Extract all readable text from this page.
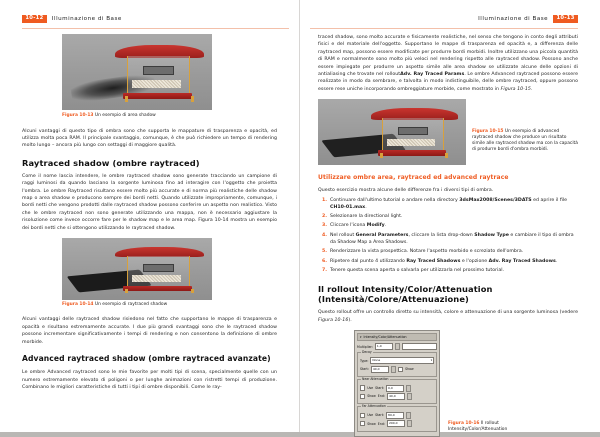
10-12	Illuminazione di Base
Figura 10-13 Un esempio di area shadow

Alcuni vantaggi di questo tipo di ombra sono che supporta le mappature di trasparenza e opacità, ed utilizza molta poca RAM. Il principale svantaggio, comunque, è che può richiedere un tempo di rendering molto lungo – ancora più lungo con settaggi di maggiore qualità.

Raytraced shadow (ombre raytraced)

Come il nome lascia intendere, le ombre raytraced shadow sono generate tracciando un campione di raggi luminosi da quando lasciano la sorgente luminosa fino ad interagire con l'oggetto che proietta l'ombra. Le ombre Raytraced risultano essere molto più accurate e di norma più realistiche delle shadow map o area shadow e producono sempre dei bordi netti. Quando utilizzate impropriamente, comunque, i bordi netti che vengono prodotti dalle raytraced shadow possono conferire un aspetto non realistico. Visto che le ombre raytraced non sono generate utilizzando una mappa, non è necessario aggiustare la risoluzione come invece occorre fare per le shadow map e le area map. Figura 10-14 mostra un esempio dei bordi netti che si ottengono utilizzando le raytraced shadow.

Figura 10-14 Un esempio di raytraced shadow

Alcuni vantaggi delle raytraced shadow risiedono nel fatto che supportano le mappe di trasparenza e opacità e risultano estremamente accurate. I due più grandi svantaggi sono che le raytraced shadow possono incrementare significativamente i tempi di rendering e non consentono la definizione di ombre morbide.

Advanced raytraced shadow (ombre raytraced avanzate)

Le ombre Advanced raytraced sono le mie favorite per molti tipi di scena, specialmente quelle con un numero estremamente elevato di poligoni o per lunghe animazioni con ristretti tempi di produzione. Combinano le migliori caratteristiche di tutti i tipi di ombre disponibili. Come le ray-

Illuminazione di Base	10-13

traced shadow, sono molto accurate e fisicamente realistiche, nel senso che tengono in conto degli attributi fisici e del materiale dell'oggetto. Supportano le mappe di trasparenza ed opacità e, a differenza delle raytraced map, possono essere modificate per produrre bordi morbidi. Inoltre utilizzano una piccola quantità di RAM e normalmente sono molto più veloci nel rendering rispetto alle raytraced shadow. Possono anche essere impiegate per produrre un aspetto simile alle area shadow se utilizzate alcune delle opzioni di antialiasing che trovate nel rolloutAdv. Ray Traced Params. Le ombre Advanced raytraced possono essere realizzate in modo da sembrare, e talvolta in modo indistinguibile, delle ombre raytraced, oppure possono essere rese uniche incorporando ombreggiature morbide, come mostrato in Figura 10-15.

Figura 10-15 Un esempio di advanced raytraced shadow che produce un risultato simile alle raytraced shadow ma con la capacità di produrre bordi d'ombra morbidi.
Utilizzare ombre area, raytraced ed advanced raytrace

Questo esercizio mostra alcune delle differenze fra i diversi tipi di ombra.

Continuare dall'ultimo tutorial o andare nella directory 3dsMax2008/Scenes/3DATS ed aprire il file CH10-01.max.
Selezionare la directional light.
Cliccare l'icona Modify.
Nel rollout General Parameters, cliccare la lista drop-down Shadow Type e cambiare il tipo di ombra da Shadow Map a Area Shadows.
Renderizzare la vista prospettica. Notare l'aspetto morbido e screziato dell'ombra.
Ripetere dal punto 4 utilizzando Ray Traced Shadows e l'opzione Adv. Ray Traced Shadows.
Tenere questa scena aperta o salvarla per utilizzarla nel prossimo tutorial.
Il rollout Intensity/Color/Attenuation
(Intensità/Colore/Attenuazione)

Questo rollout offre un controllo diretto su intensità, colore e attenuazione di una sorgente luminosa (vedere Figura 10-16).

▾ Intensity/Color/Attenuation
Multiplier:	1,0
Decay
Type: None	▾
Start:	40,0	Show
Near Attenuation
Use Start:	0,0
Show End:	40,0
Far Attenuation
Use Start:	80,0
Show End:	200,0	Figura 10-16 Il rollout Intensity/Color/Attenuation
